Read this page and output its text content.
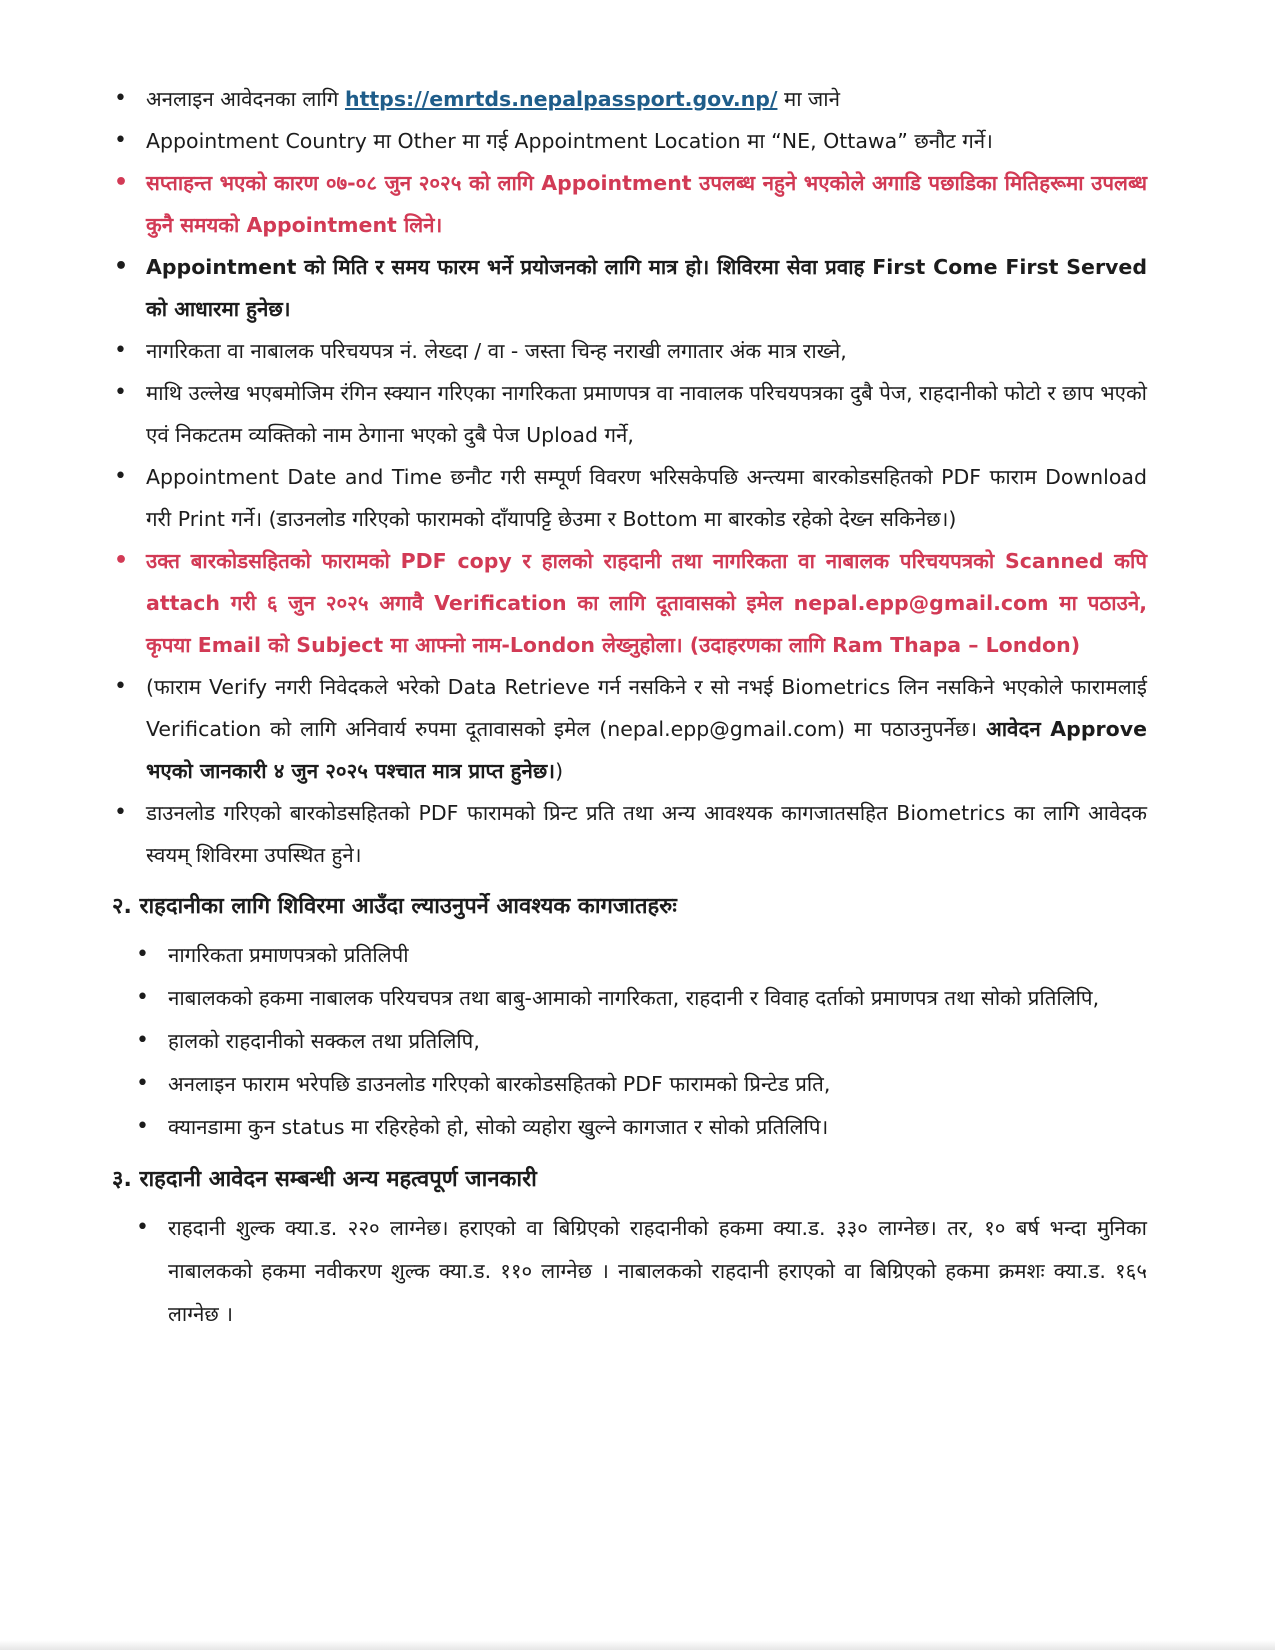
• अनलाइन आवेदनका लागि https://emrtds.nepalpassport.gov.np/ मा जाने
• Appointment Country मा Other मा गई Appointment Location मा “NE, Ottawa” छनौट गर्ने।
• सप्ताहन्त भएको कारण ०७-०८ जुन २०२५ को लागि Appointment उपलब्ध नहुने भएकोले अगाडि पछाडिका मितिहरूमा उपलब्ध कुनै समयको Appointment लिने।
• Appointment को मिति र समय फारम भर्ने प्रयोजनको लागि मात्र हो। शिविरमा सेवा प्रवाह First Come First Served को आधारमा हुनेछ।
• नागरिकता वा नाबालक परिचयपत्र नं. लेख्दा / वा - जस्ता चिन्ह नराखी लगातार अंक मात्र राख्ने,
• माथि उल्लेख भएबमोजिम रंगिन स्क्यान गरिएका नागरिकता प्रमाणपत्र वा नावालक परिचयपत्रका दुबै पेज, राहदानीको फोटो र छाप भएको एवं निकटतम व्यक्तिको नाम ठेगाना भएको दुबै पेज Upload गर्ने,
• Appointment Date and Time छनौट गरी सम्पूर्ण विवरण भरिसकेपछि अन्त्यमा बारकोडसहितको PDF फाराम Download गरी Print गर्ने। (डाउनलोड गरिएको फारामको दाँयापट्टि छेउमा र Bottom मा बारकोड रहेको देख्न सकिनेछ।)
• उक्त बारकोडसहितको फारामको PDF copy र हालको राहदानी तथा नागरिकता वा नाबालक परिचयपत्रको Scanned कपि attach गरी ६ जुन २०२५ अगावै Verification का लागि दूतावासको इमेल nepal.epp@gmail.com मा पठाउने, कृपया Email को Subject मा आफ्नो नाम-London लेख्नुहोला। (उदाहरणका लागि Ram Thapa – London)
• (फाराम Verify नगरी निवेदकले भरेको Data Retrieve गर्न नसकिने र सो नभई Biometrics लिन नसकिने भएकोले फारामलाई Verification को लागि अनिवार्य रुपमा दूतावासको इमेल (nepal.epp@gmail.com) मा पठाउनुपर्नेछ। आवेदन Approve भएको जानकारी ४ जुन २०२५ पश्चात मात्र प्राप्त हुनेछ।)
• डाउनलोड गरिएको बारकोडसहितको PDF फारामको प्रिन्ट प्रति तथा अन्य आवश्यक कागजातसहित Biometrics का लागि आवेदक स्वयम् शिविरमा उपस्थित हुने।
२. राहदानीका लागि शिविरमा आउँदा ल्याउनुपर्ने आवश्यक कागजातहरुः
• नागरिकता प्रमाणपत्रको प्रतिलिपी
• नाबालकको हकमा नाबालक परियचपत्र तथा बाबु-आमाको नागरिकता, राहदानी र विवाह दर्ताको प्रमाणपत्र तथा सोको प्रतिलिपि,
• हालको राहदानीको सक्कल तथा प्रतिलिपि,
• अनलाइन फाराम भरेपछि डाउनलोड गरिएको बारकोडसहितको PDF फारामको प्रिन्टेड प्रति,
• क्यानडामा कुन status मा रहिरहेको हो, सोको व्यहोरा खुल्ने कागजात र सोको प्रतिलिपि।
३. राहदानी आवेदन सम्बन्धी अन्य महत्वपूर्ण जानकारी
• राहदानी शुल्क क्या.ड. २२० लाग्नेछ। हराएको वा बिग्रिएको राहदानीको हकमा क्या.ड. ३३० लाग्नेछ। तर, १० बर्ष भन्दा मुनिका नाबालकको हकमा नवीकरण शुल्क क्या.ड. ११० लाग्नेछ । नाबालकको राहदानी हराएको वा बिग्रिएको हकमा क्रमशः क्या.ड. १६५ लाग्नेछ ।
